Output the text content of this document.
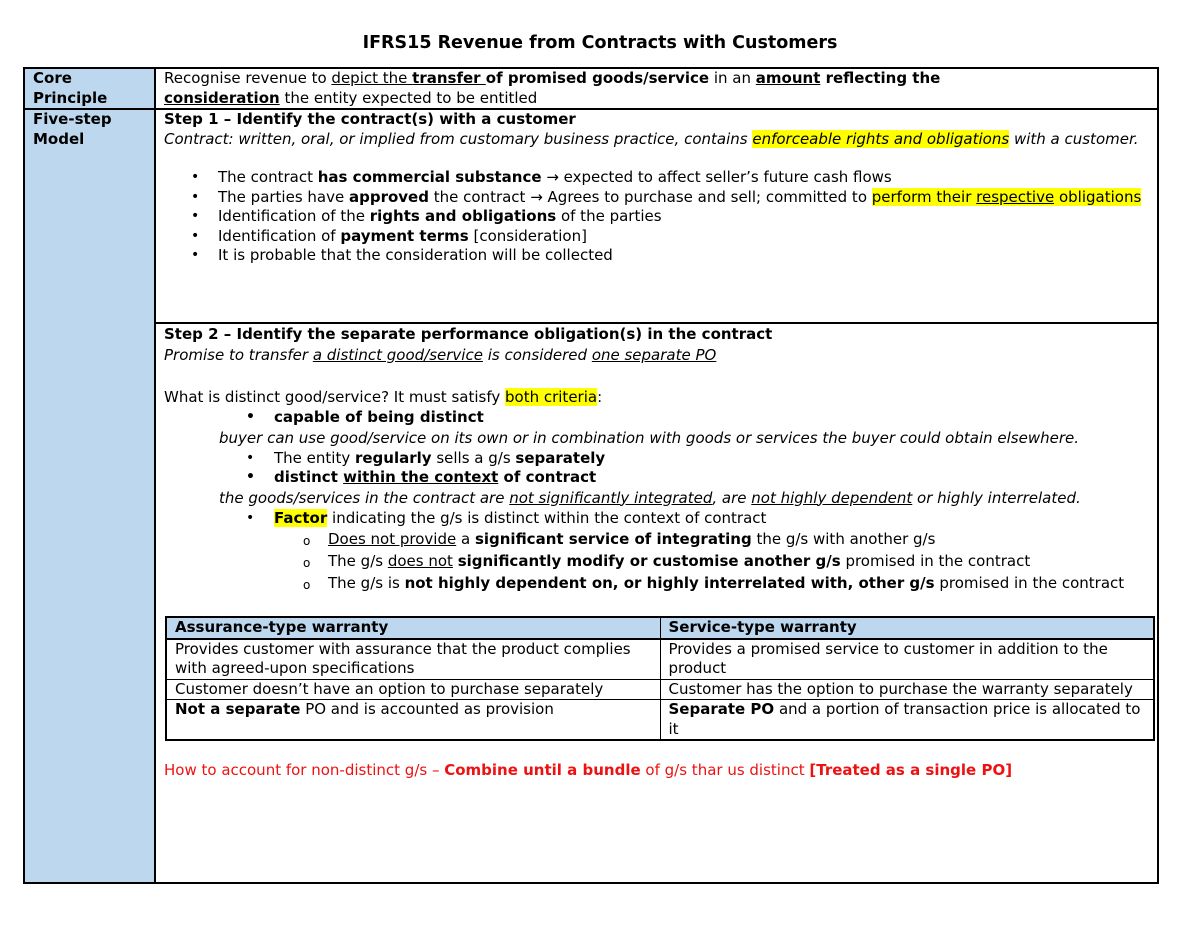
IFRS15 Revenue from Contracts with Customers
Core Principle	Recognise revenue to depict the transfer of promised goods/service in an amount reflecting the
consideration the entity expected to be entitled
Five-step Model	
Step 1 – Identify the contract(s) with a customer
Contract: written, oral, or implied from customary business practice, contains enforceable rights and obligations with a customer.
• The contract has commercial substance → expected to affect seller’s future cash flows
• The parties have approved the contract → Agrees to purchase and sell; committed to perform their respective obligations
• Identification of the rights and obligations of the parties
• Identification of payment terms [consideration]
• It is probable that the consideration will be collected

Step 2 – Identify the separate performance obligation(s) in the contract
Promise to transfer a distinct good/service is considered one separate PO
What is distinct good/service? It must satisfy both criteria:
• capable of being distinct
buyer can use good/service on its own or in combination with goods or services the buyer could obtain elsewhere.
• The entity regularly sells a g/s separately
• distinct within the context of contract
the goods/services in the contract are not significantly integrated, are not highly dependent or highly interrelated.
• Factor indicating the g/s is distinct within the context of contract
o Does not provide a significant service of integrating the g/s with another g/s
o The g/s does not significantly modify or customise another g/s promised in the contract
o The g/s is not highly dependent on, or highly interrelated with, other g/s promised in the contract
Assurance-type warranty	Service-type warranty
Provides customer with assurance that the product complies with agreed-upon specifications	Provides a promised service to customer in addition to the product
Customer doesn’t have an option to purchase separately	Customer has the option to purchase the warranty separately
Not a separate PO and is accounted as provision	Separate PO and a portion of transaction price is allocated to it
How to account for non-distinct g/s – Combine until a bundle of g/s thar us distinct [Treated as a single PO]
